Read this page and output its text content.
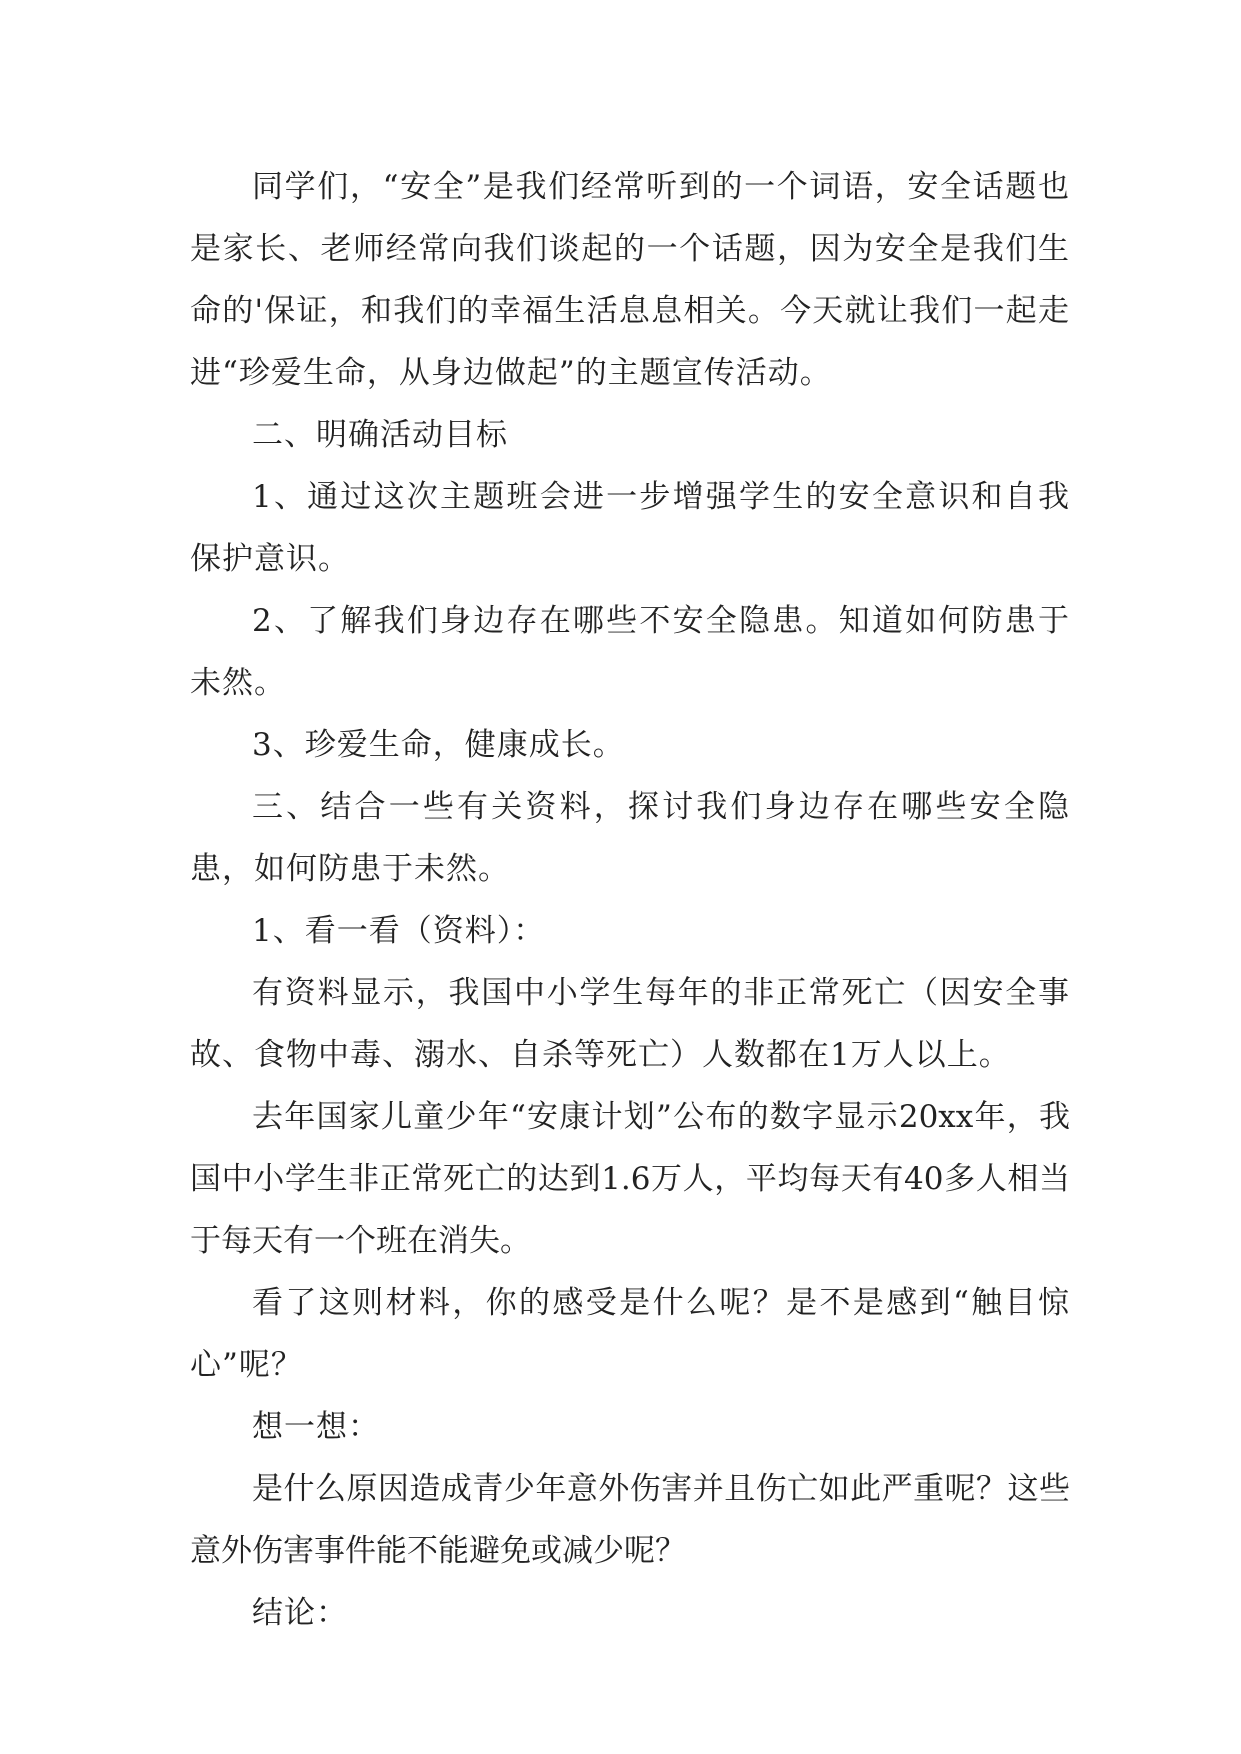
同学们，“安全”是我们经常听到的一个词语，安全话题也是家长、老师经常向我们谈起的一个话题，因为安全是我们生命的'保证，和我们的幸福生活息息相关。今天就让我们一起走进“珍爱生命，从身边做起”的主题宣传活动。

二、明确活动目标

1、通过这次主题班会进一步增强学生的安全意识和自我保护意识。

2、了解我们身边存在哪些不安全隐患。知道如何防患于未然。

3、珍爱生命，健康成长。

三、结合一些有关资料，探讨我们身边存在哪些安全隐患，如何防患于未然。

1、看一看（资料）：

有资料显示，我国中小学生每年的非正常死亡（因安全事故、食物中毒、溺水、自杀等死亡）人数都在1万人以上。

去年国家儿童少年“安康计划”公布的数字显示20xx年，我国中小学生非正常死亡的达到1.6万人，平均每天有40多人相当于每天有一个班在消失。

看了这则材料，你的感受是什么呢？是不是感到“触目惊心”呢？

想一想：

是什么原因造成青少年意外伤害并且伤亡如此严重呢？这些意外伤害事件能不能避免或减少呢？

结论：
